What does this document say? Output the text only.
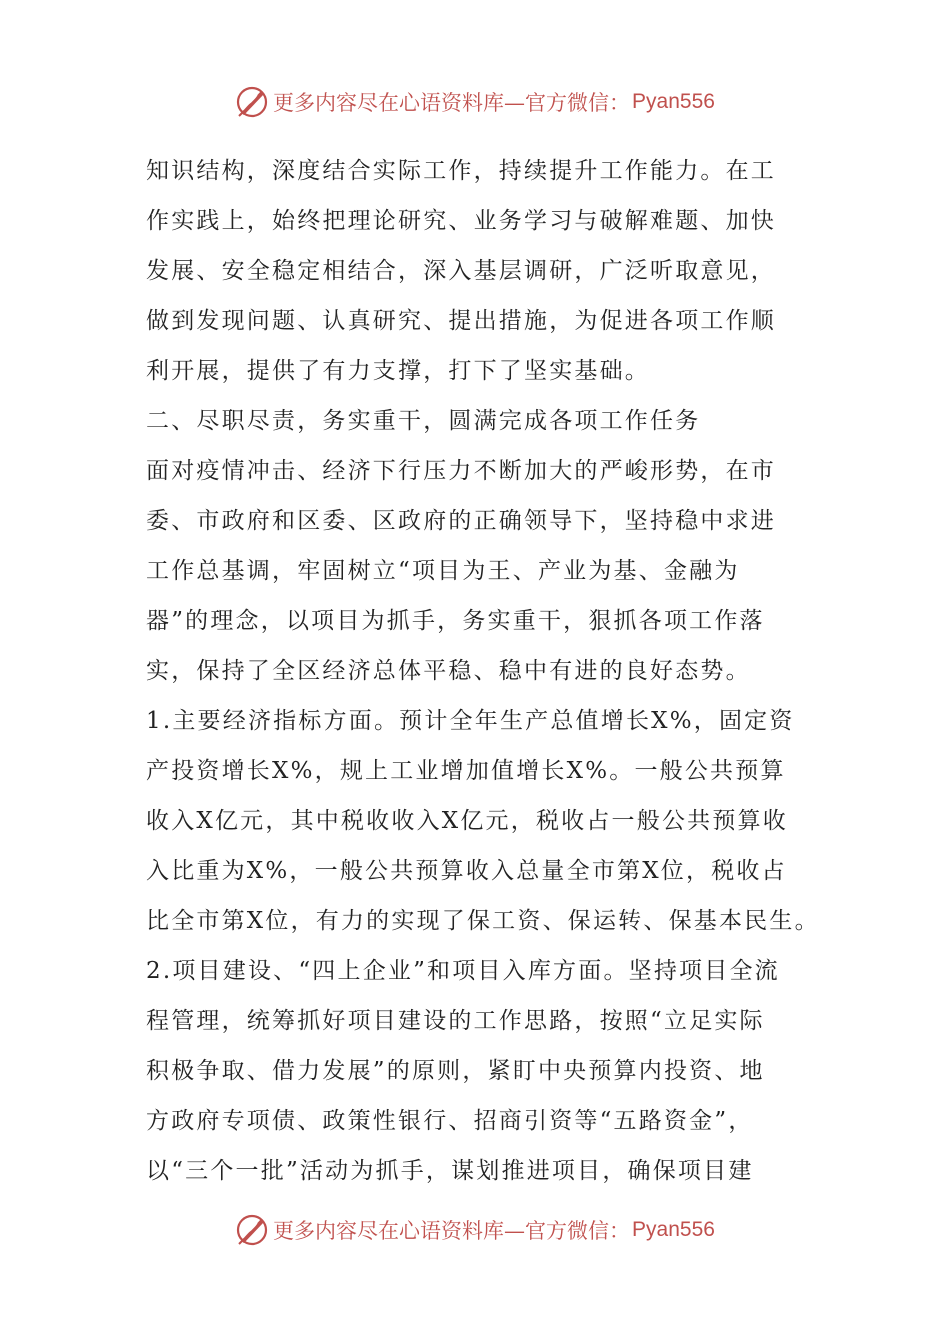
更多内容尽在心语资料库—官方微信： Pyan556
知识结构，深度结合实际工作，持续提升工作能力。在工
作实践上，始终把理论研究、业务学习与破解难题、加快
发展、安全稳定相结合，深入基层调研，广泛听取意见，
做到发现问题、认真研究、提出措施，为促进各项工作顺
利开展，提供了有力支撑，打下了坚实基础。
二、尽职尽责，务实重干，圆满完成各项工作任务
面对疫情冲击、经济下行压力不断加大的严峻形势，在市
委、市政府和区委、区政府的正确领导下，坚持稳中求进
工作总基调，牢固树立“项目为王、产业为基、金融为
器”的理念，以项目为抓手，务实重干，狠抓各项工作落
实，保持了全区经济总体平稳、稳中有进的良好态势。
1.主要经济指标方面。预计全年生产总值增长X%，固定资
产投资增长X%，规上工业增加值增长X%。一般公共预算
收入X亿元，其中税收收入X亿元，税收占一般公共预算收
入比重为X%，一般公共预算收入总量全市第X位，税收占
比全市第X位，有力的实现了保工资、保运转、保基本民生。
2.项目建设、“四上企业”和项目入库方面。坚持项目全流
程管理，统筹抓好项目建设的工作思路，按照“立足实际
积极争取、借力发展”的原则，紧盯中央预算内投资、地
方政府专项债、政策性银行、招商引资等“五路资金”，
以“三个一批”活动为抓手，谋划推进项目，确保项目建
更多内容尽在心语资料库—官方微信： Pyan556
